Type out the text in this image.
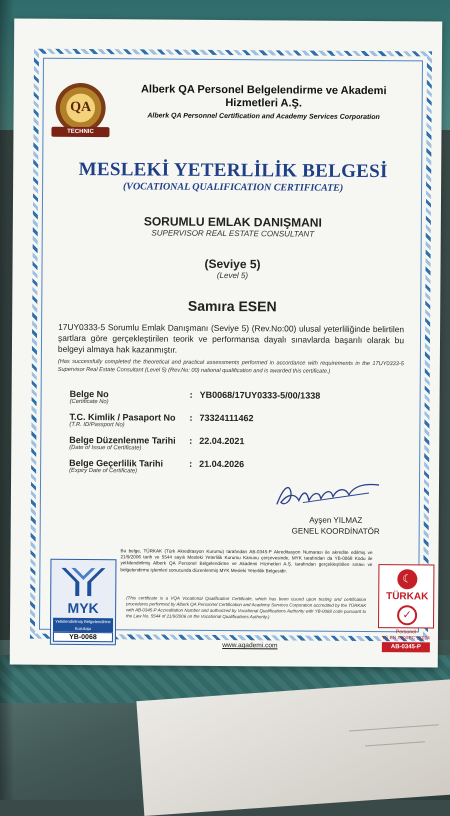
QA
TECHNIC
Alberk QA Personel Belgelendirme ve Akademi
Hizmetleri A.Ş.
Alberk QA Personnel Certification and Academy Services Corporation
MESLEKİ YETERLİLİK BELGESİ
(VOCATIONAL QUALIFICATION CERTIFICATE)
SORUMLU EMLAK DANIŞMANI
SUPERVISOR REAL ESTATE CONSULTANT
(Seviye 5)
(Level 5)
Samıra ESEN
17UY0333-5 Sorumlu Emlak Danışmanı (Seviye 5) (Rev.No:00) ulusal yeterliliğinde belirtilen şartlara göre gerçekleştirilen teorik ve performansa dayalı sınavlarda başarılı olarak bu belgeyi almaya hak kazanmıştır.
(Has successfully completed the theoretical and practical assessments performed in accordance with requirements in the 17UY0333-5 Supervisor Real Estate Consultant (Level 5) (Rev.No: 00) national qualification and is awarded this certificate.)
Belge No
(Certificate No)
: YB0068/17UY0333-5/00/1338
T.C. Kimlik / Pasaport No
(T.R. ID/Passport No)
: 73324111462
Belge Düzenlenme Tarihi
(Date of Issue of Certificate)
: 22.04.2021
Belge Geçerlilik Tarihi
(Expiry Date of Certificate)
: 21.04.2026
Ayşen YILMAZ
GENEL KOORDİNATÖR
MYK
Yetkilendirilmiş Belgelendirme Kuruluşu
YB-0068
Bu belge, TÜRKAK (Türk Akreditasyon Kurumu) tarafından AB-0345-P Akreditasyon Numarası ile akredite edilmiş ve 21/9/2006 tarih ve 5544 sayılı Mesleki Yeterlilik Kurumu Kanunu çerçevesinde, MYK tarafından da YB-0068 Kodu ile yetkilendirilmiş Alberk QA Personel Belgelendirme ve Akademi Hizmetleri A.Ş. tarafından gerçekleştirilen sınavı ve belgelendirme işlemleri sonucunda düzenlenmiş MYK Mesleki Yeterlilik Belgesidir.
(This certificate is a VQA Vocational Qualification Certificate, which has been issued upon testing and certification procedures performed by Alberk QA Personnel Certification and Academy Services Corporation accredited by the TÜRKAK with AB-0345-P Accreditation Number and authorized by Vocational Qualifications Authority with YB-0068 code pursuant to the Law No. 5544 of 21/9/2006 on the Vocational Qualifications Authority.)
www.aqademi.com
☾
TÜRKAK
✓
Personel
TS EN ISO/IEC 17024
AB-0345-P
